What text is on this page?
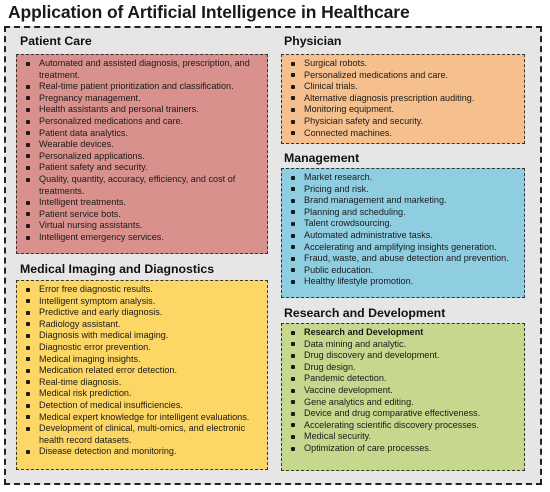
Application of Artificial Intelligence in Healthcare
Patient Care
Automated and assisted diagnosis, prescription, and treatment.
Real-time patient prioritization and classification.
Pregnancy management.
Health assistants and personal trainers.
Personalized medications and care.
Patient data analytics.
Wearable devices.
Personalized applications.
Patient safety and security.
Quality, quantity, accuracy, efficiency, and cost of treatments.
Intelligent treatments.
Patient service bots.
Virtual nursing assistants.
Intelligent emergency services.
Medical Imaging and Diagnostics
Error free diagnostic results.
Intelligent symptom analysis.
Predictive and early diagnosis.
Radiology assistant.
Diagnosis with medical imaging.
Diagnostic error prevention.
Medical imaging insights.
Medication related error detection.
Real-time diagnosis.
Medical risk prediction.
Detection of medical insufficiencies.
Medical expert knowledge for intelligent evaluations.
Development of clinical, multi-omics, and electronic health record datasets.
Disease detection and monitoring.
Physician
Surgical robots.
Personalized medications and care.
Clinical trials.
Alternative diagnosis prescription auditing.
Monitoring equipment.
Physician safety and security.
Connected machines.
Management
Market research.
Pricing and risk.
Brand management and marketing.
Planning and scheduling.
Talent crowdsourcing.
Automated administrative tasks.
Accelerating and amplifying insights generation.
Fraud, waste, and abuse detection and prevention.
Public education.
Healthy lifestyle promotion.
Research and Development
Research and Development
Data mining and analytic.
Drug discovery and development.
Drug design.
Pandemic detection.
Vaccine development.
Gene analytics and editing.
Device and drug comparative effectiveness.
Accelerating scientific discovery processes.
Medical security.
Optimization of care processes.
